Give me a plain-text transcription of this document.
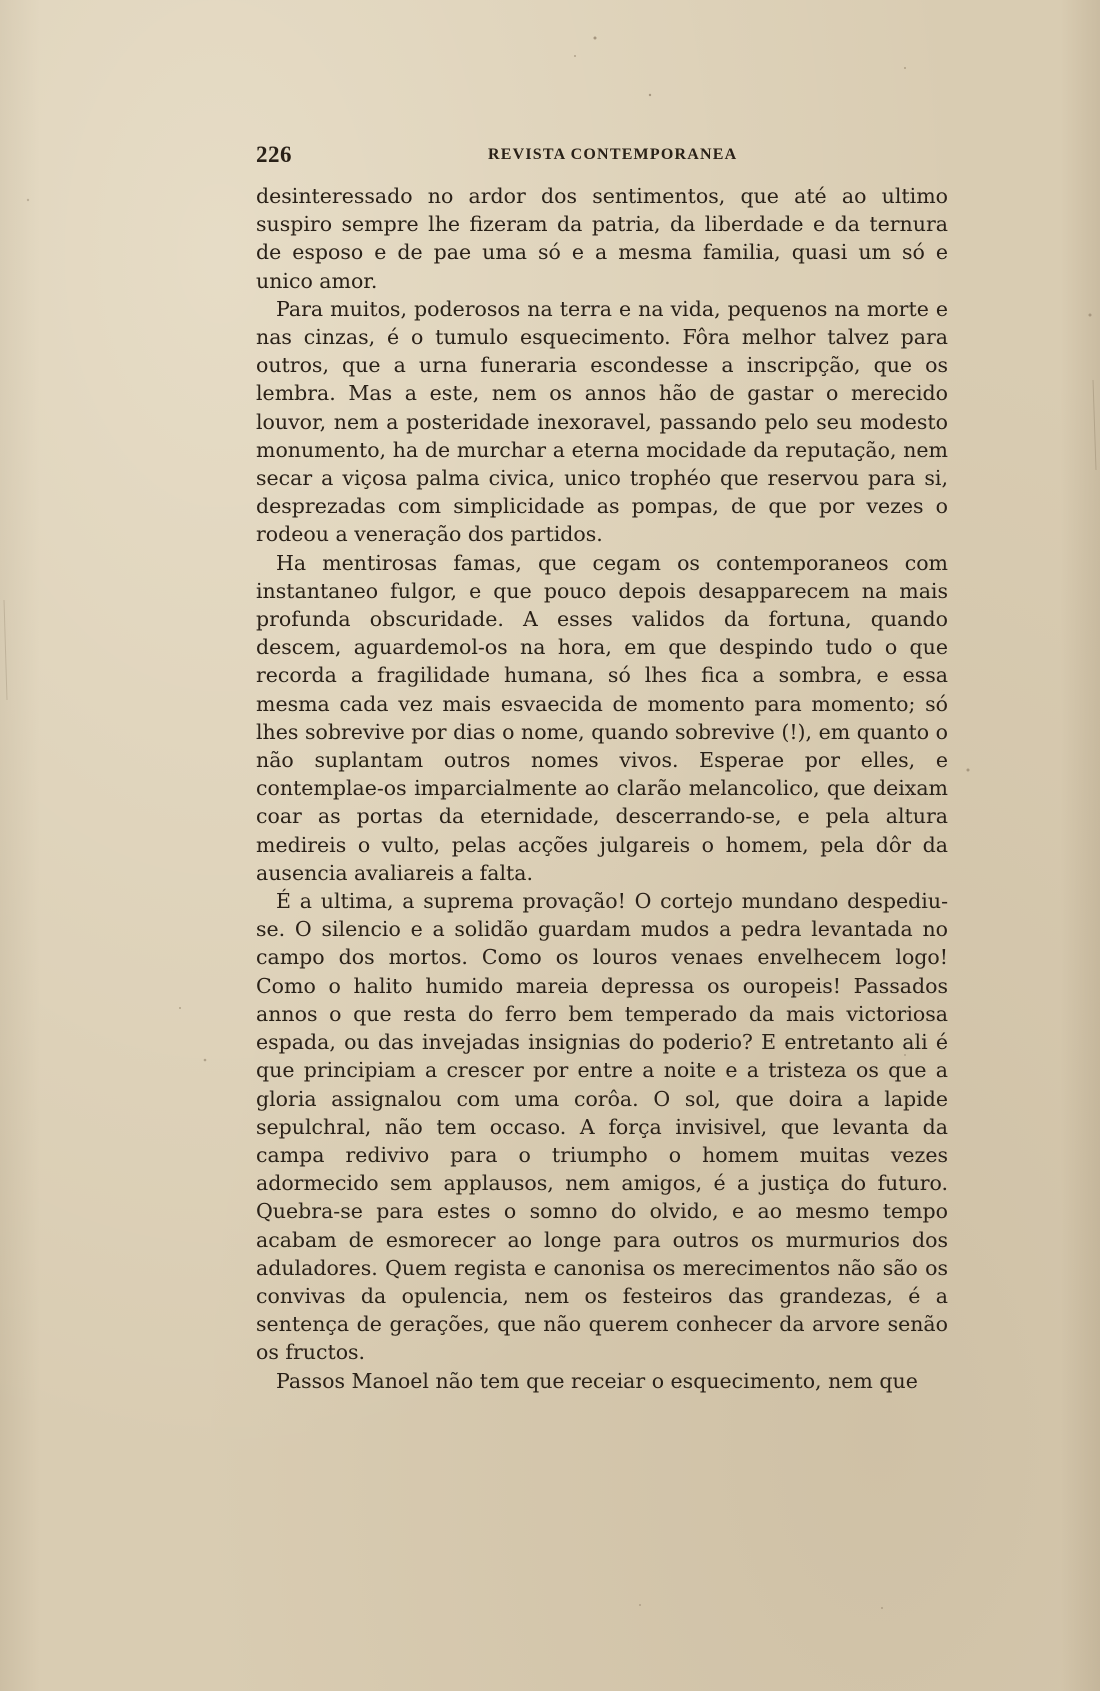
226	REVISTA CONTEMPORANEA

desinteressado no ardor dos sentimentos, que até ao ultimo suspiro sempre lhe fizeram da patria, da liberdade e da ternura de esposo e de pae uma só e a mesma familia, quasi um só e unico amor.

Para muitos, poderosos na terra e na vida, pequenos na morte e nas cinzas, é o tumulo esquecimento. Fôra melhor talvez para outros, que a urna funeraria escondesse a inscripção, que os lembra. Mas a este, nem os annos hão de gastar o merecido louvor, nem a posteridade inexoravel, passando pelo seu modesto monumento, ha de murchar a eterna mocidade da reputação, nem secar a viçosa palma civica, unico trophéo que reservou para si, desprezadas com simplicidade as pompas, de que por vezes o rodeou a veneração dos partidos.

Ha mentirosas famas, que cegam os contemporaneos com instantaneo fulgor, e que pouco depois desapparecem na mais profunda obscuridade. A esses validos da fortuna, quando descem, aguardemol-os na hora, em que despindo tudo o que recorda a fragilidade humana, só lhes fica a sombra, e essa mesma cada vez mais esvaecida de momento para momento; só lhes sobrevive por dias o nome, quando sobrevive (!), em quanto o não suplantam outros nomes vivos. Esperae por elles, e contemplae-os imparcialmente ao clarão melancolico, que deixam coar as portas da eternidade, descerrando-se, e pela altura medireis o vulto, pelas acções julgareis o homem, pela dôr da ausencia avaliareis a falta.

É a ultima, a suprema provação! O cortejo mundano despediu-se. O silencio e a solidão guardam mudos a pedra levantada no campo dos mortos. Como os louros venaes envelhecem logo! Como o halito humido mareia depressa os ouropeis! Passados annos o que resta do ferro bem temperado da mais victoriosa espada, ou das invejadas insignias do poderio? E entretanto ali é que principiam a crescer por entre a noite e a tristeza os que a gloria assignalou com uma corôa. O sol, que doira a lapide sepulchral, não tem occaso. A força invisivel, que levanta da campa redivivo para o triumpho o homem muitas vezes adormecido sem applausos, nem amigos, é a justiça do futuro. Quebra-se para estes o somno do olvido, e ao mesmo tempo acabam de esmorecer ao longe para outros os murmurios dos aduladores. Quem regista e canonisa os merecimentos não são os convivas da opulencia, nem os festeiros das grandezas, é a sentença de gerações, que não querem conhecer da arvore senão os fructos.

Passos Manoel não tem que receiar o esquecimento, nem que
